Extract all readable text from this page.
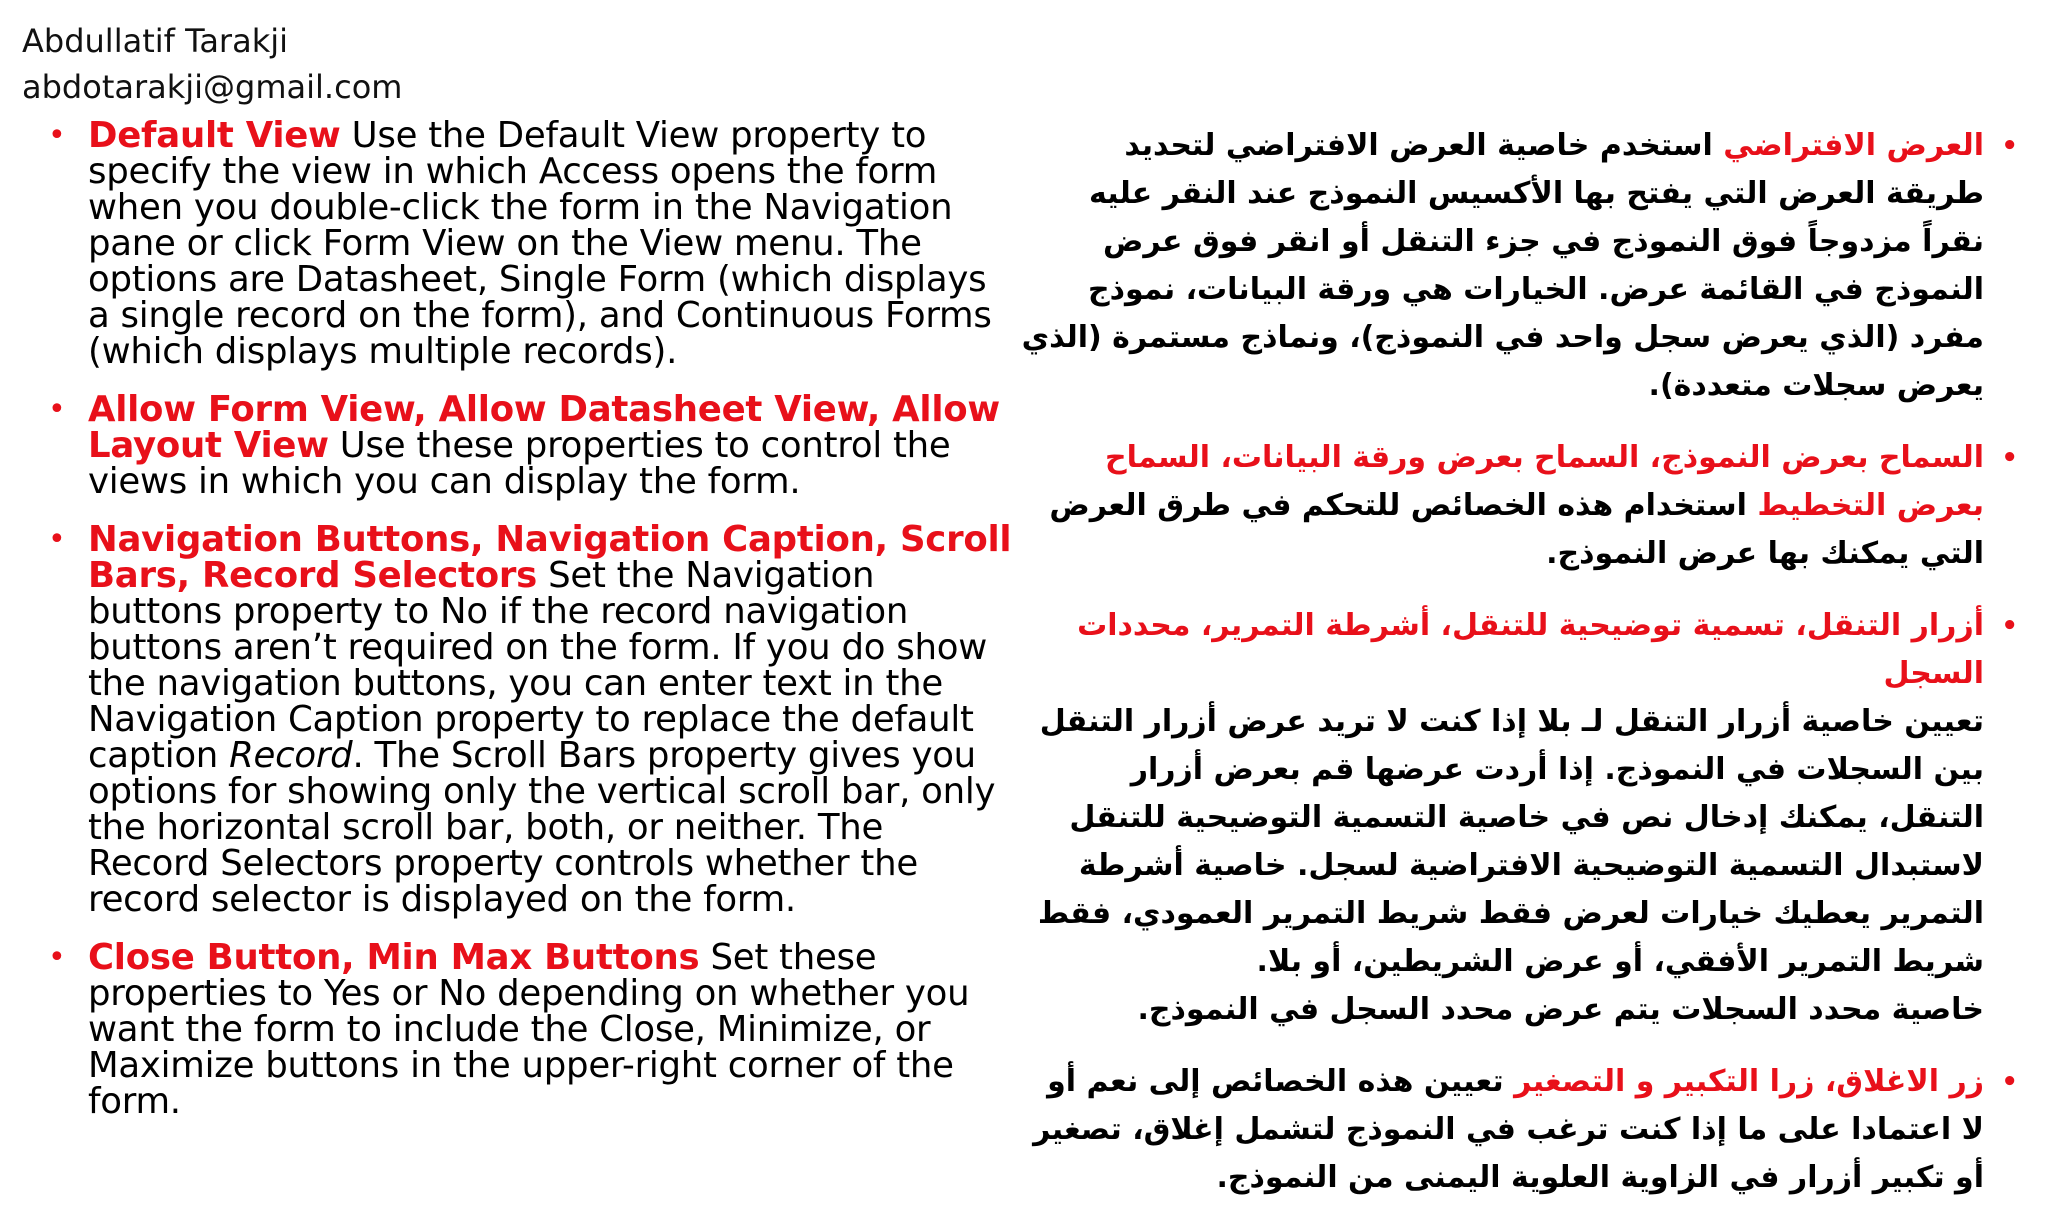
Abdullatif Tarakji
abdotarakji@gmail.com
• Default View Use the Default View property to specify the view in which Access opens the form when you double-click the form in the Navigation pane or click Form View on the View menu. The options are Datasheet, Single Form (which displays a single record on the form), and Continuous Forms (which displays multiple records).
• Allow Form View, Allow Datasheet View, Allow Layout View Use these properties to control the views in which you can display the form.
• Navigation Buttons, Navigation Caption, Scroll Bars, Record Selectors Set the Navigation buttons property to No if the record navigation buttons aren’t required on the form. If you do show the navigation buttons, you can enter text in the Navigation Caption property to replace the default caption Record. The Scroll Bars property gives you options for showing only the vertical scroll bar, only the horizontal scroll bar, both, or neither. The Record Selectors property controls whether the record selector is displayed on the form.
• Close Button, Min Max Buttons Set these properties to Yes or No depending on whether you want the form to include the Close, Minimize, or Maximize buttons in the upper-right corner of the form.
•
العرض الافتراضي استخدم خاصية العرض الافتراضي لتحديد طريقة العرض التي يفتح بها الأكسيس النموذج عند النقر عليه نقراً مزدوجاً فوق النموذج في جزء التنقل أو انقر فوق عرض النموذج في القائمة عرض. الخيارات هي ورقة البيانات، نموذج مفرد (الذي يعرض سجل واحد في النموذج)، ونماذج مستمرة (الذي يعرض سجلات متعددة).
•
السماح بعرض النموذج، السماح بعرض ورقة البيانات، السماح بعرض التخطيط استخدام هذه الخصائص للتحكم في طرق العرض التي يمكنك بها عرض النموذج.
•
أزرار التنقل، تسمية توضيحية للتنقل، أشرطة التمرير، محددات السجل
تعيين خاصية أزرار التنقل لـ بلا إذا كنت لا تريد عرض أزرار التنقل بين السجلات في النموذج. إذا أردت عرضها قم بعرض أزرار التنقل، يمكنك إدخال نص في خاصية التسمية التوضيحية للتنقل لاستبدال التسمية التوضيحية الافتراضية لسجل. خاصية أشرطة التمرير يعطيك خيارات لعرض فقط شريط التمرير العمودي، فقط شريط التمرير الأفقي، أو عرض الشريطين، أو بلا.
خاصية محدد السجلات يتم عرض محدد السجل في النموذج.
•
زر الاغلاق، زرا التكبير و التصغير تعيين هذه الخصائص إلى نعم أو لا اعتمادا على ما إذا كنت ترغب في النموذج لتشمل إغلاق، تصغير أو تكبير أزرار في الزاوية العلوية اليمنى من النموذج.
